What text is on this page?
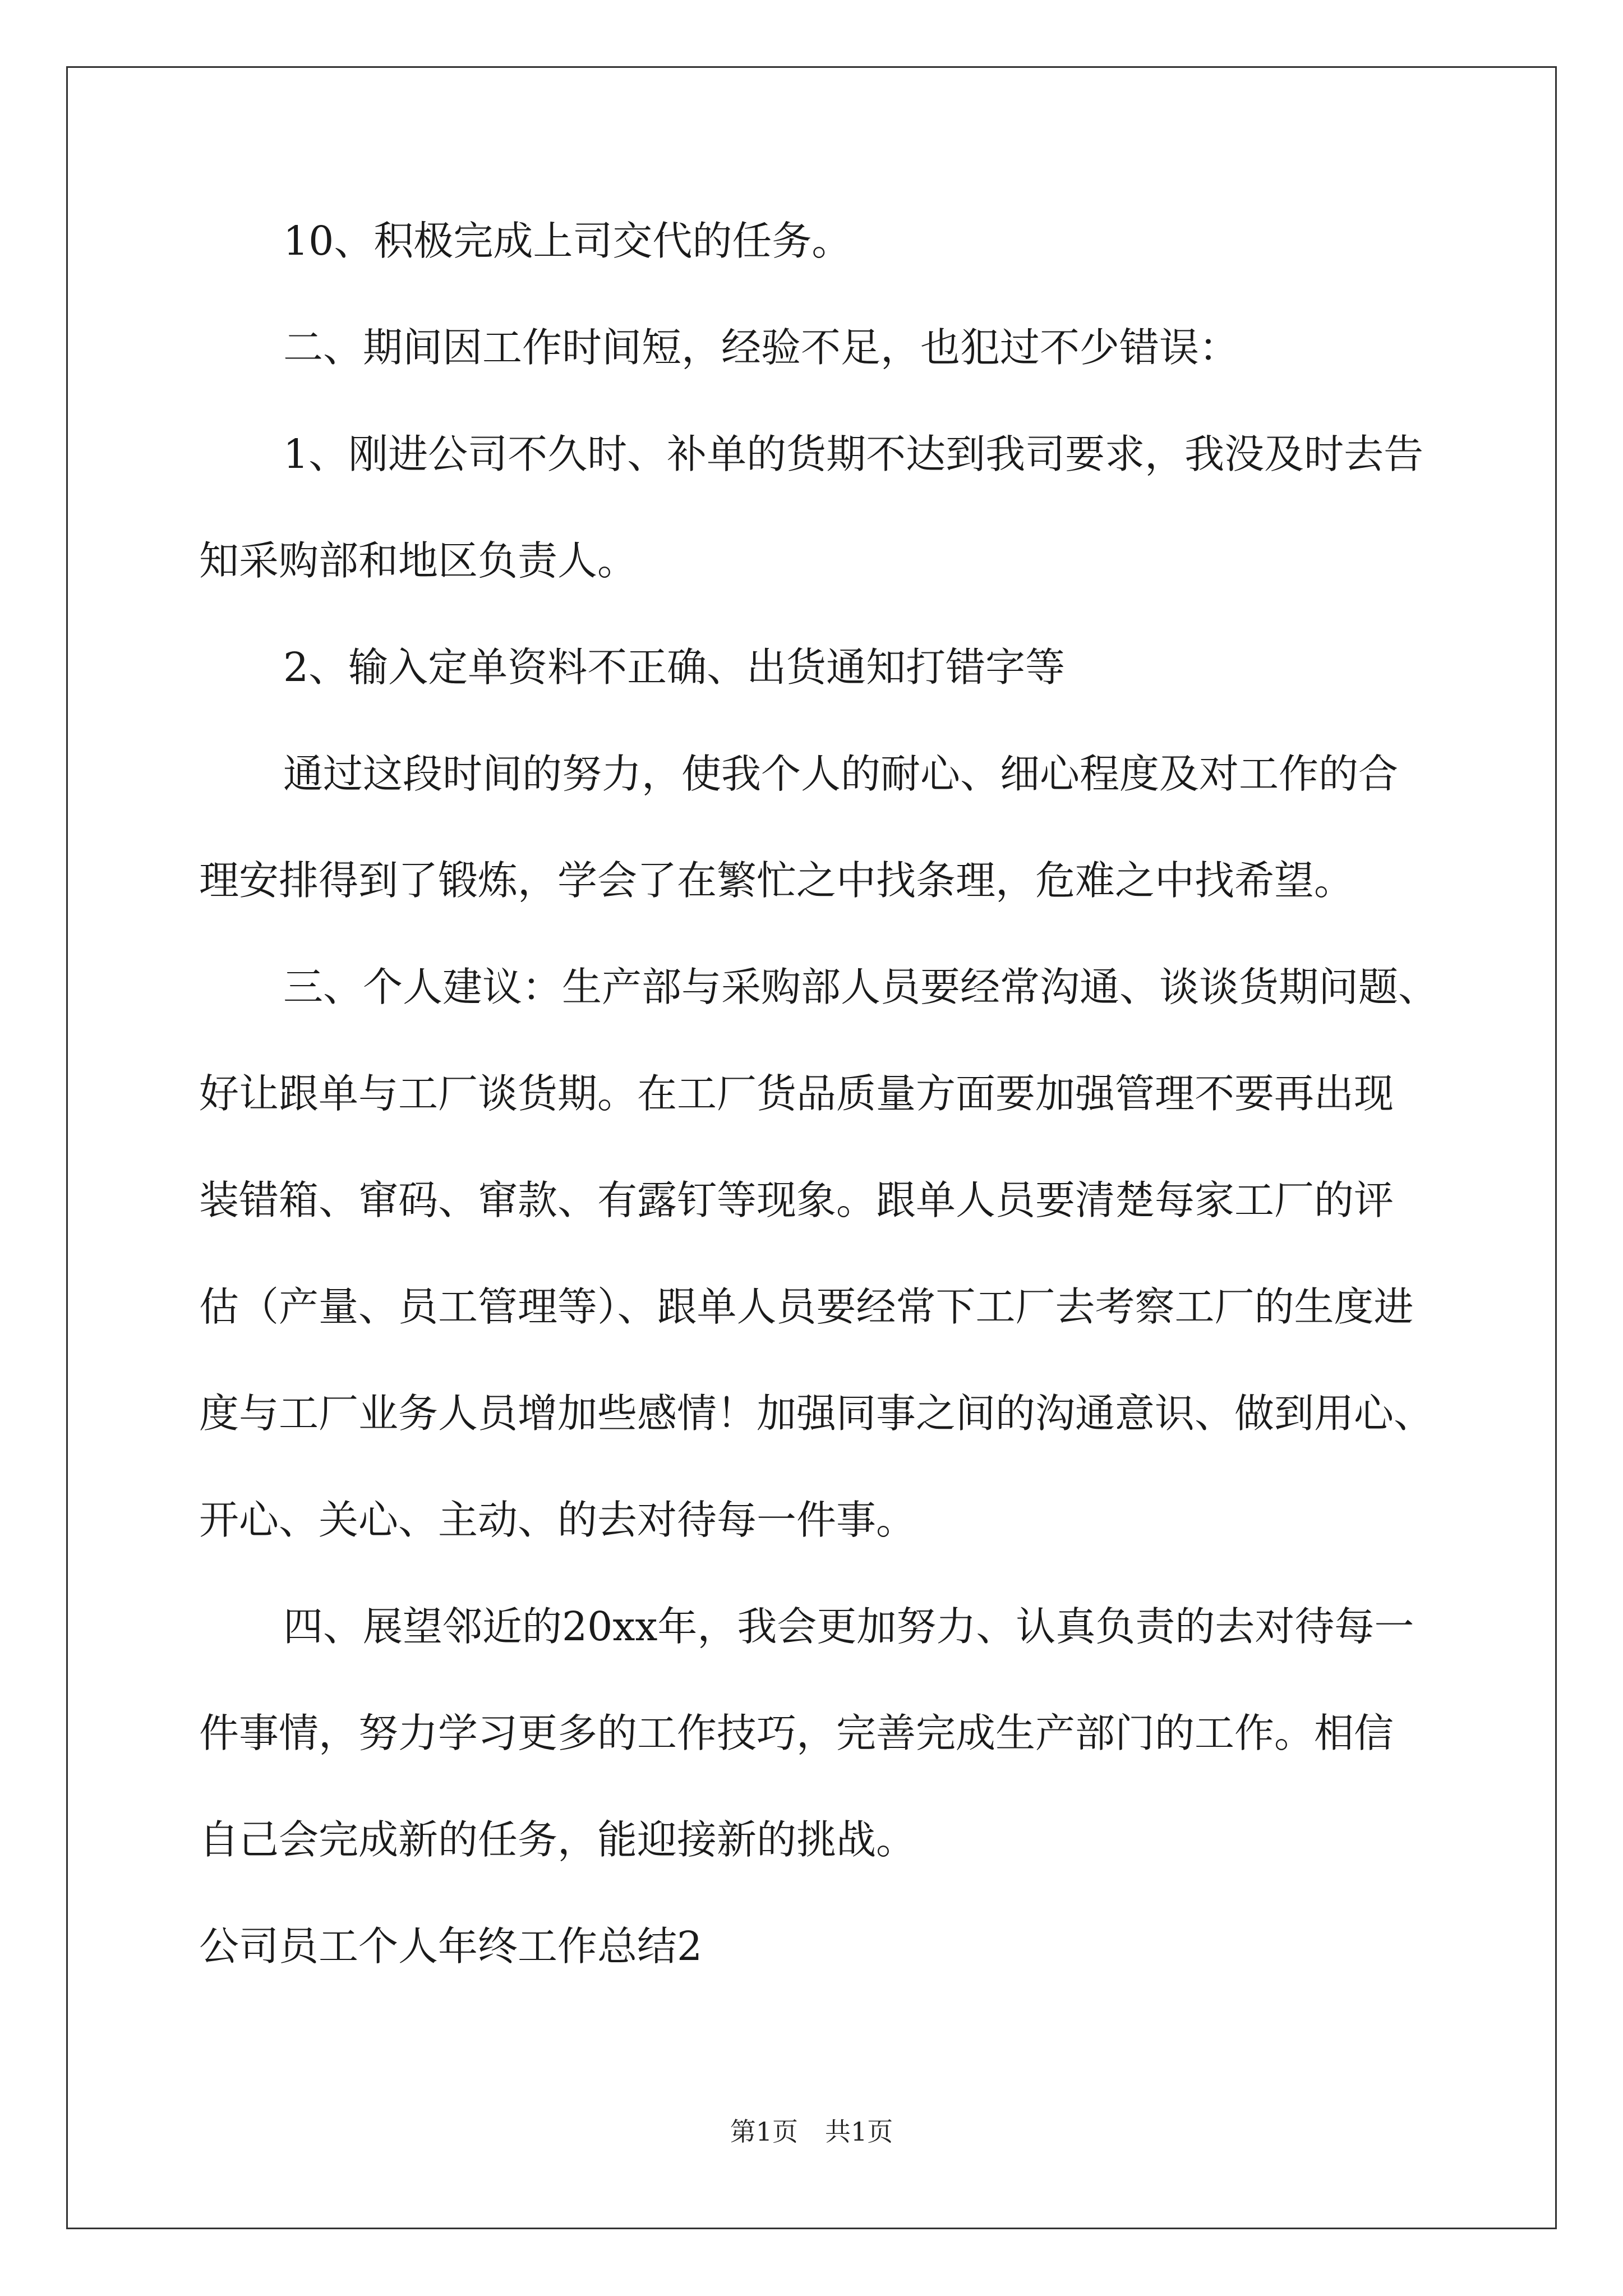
10、积极完成上司交代的任务。
二、期间因工作时间短，经验不足，也犯过不少错误：
1、刚进公司不久时、补单的货期不达到我司要求，我没及时去告
知采购部和地区负责人。
2、输入定单资料不正确、出货通知打错字等
通过这段时间的努力，使我个人的耐心、细心程度及对工作的合
理安排得到了锻炼，学会了在繁忙之中找条理，危难之中找希望。
三、个人建议：生产部与采购部人员要经常沟通、谈谈货期问题、
好让跟单与工厂谈货期。在工厂货品质量方面要加强管理不要再出现
装错箱、窜码、窜款、有露钉等现象。跟单人员要清楚每家工厂的评
估（产量、员工管理等）、跟单人员要经常下工厂去考察工厂的生度进
度与工厂业务人员增加些感情！加强同事之间的沟通意识、做到用心、
开心、关心、主动、的去对待每一件事。
四、展望邻近的20xx年，我会更加努力、认真负责的去对待每一
件事情，努力学习更多的工作技巧，完善完成生产部门的工作。相信
自己会完成新的任务，能迎接新的挑战。
公司员工个人年终工作总结2
第1页 共1页
